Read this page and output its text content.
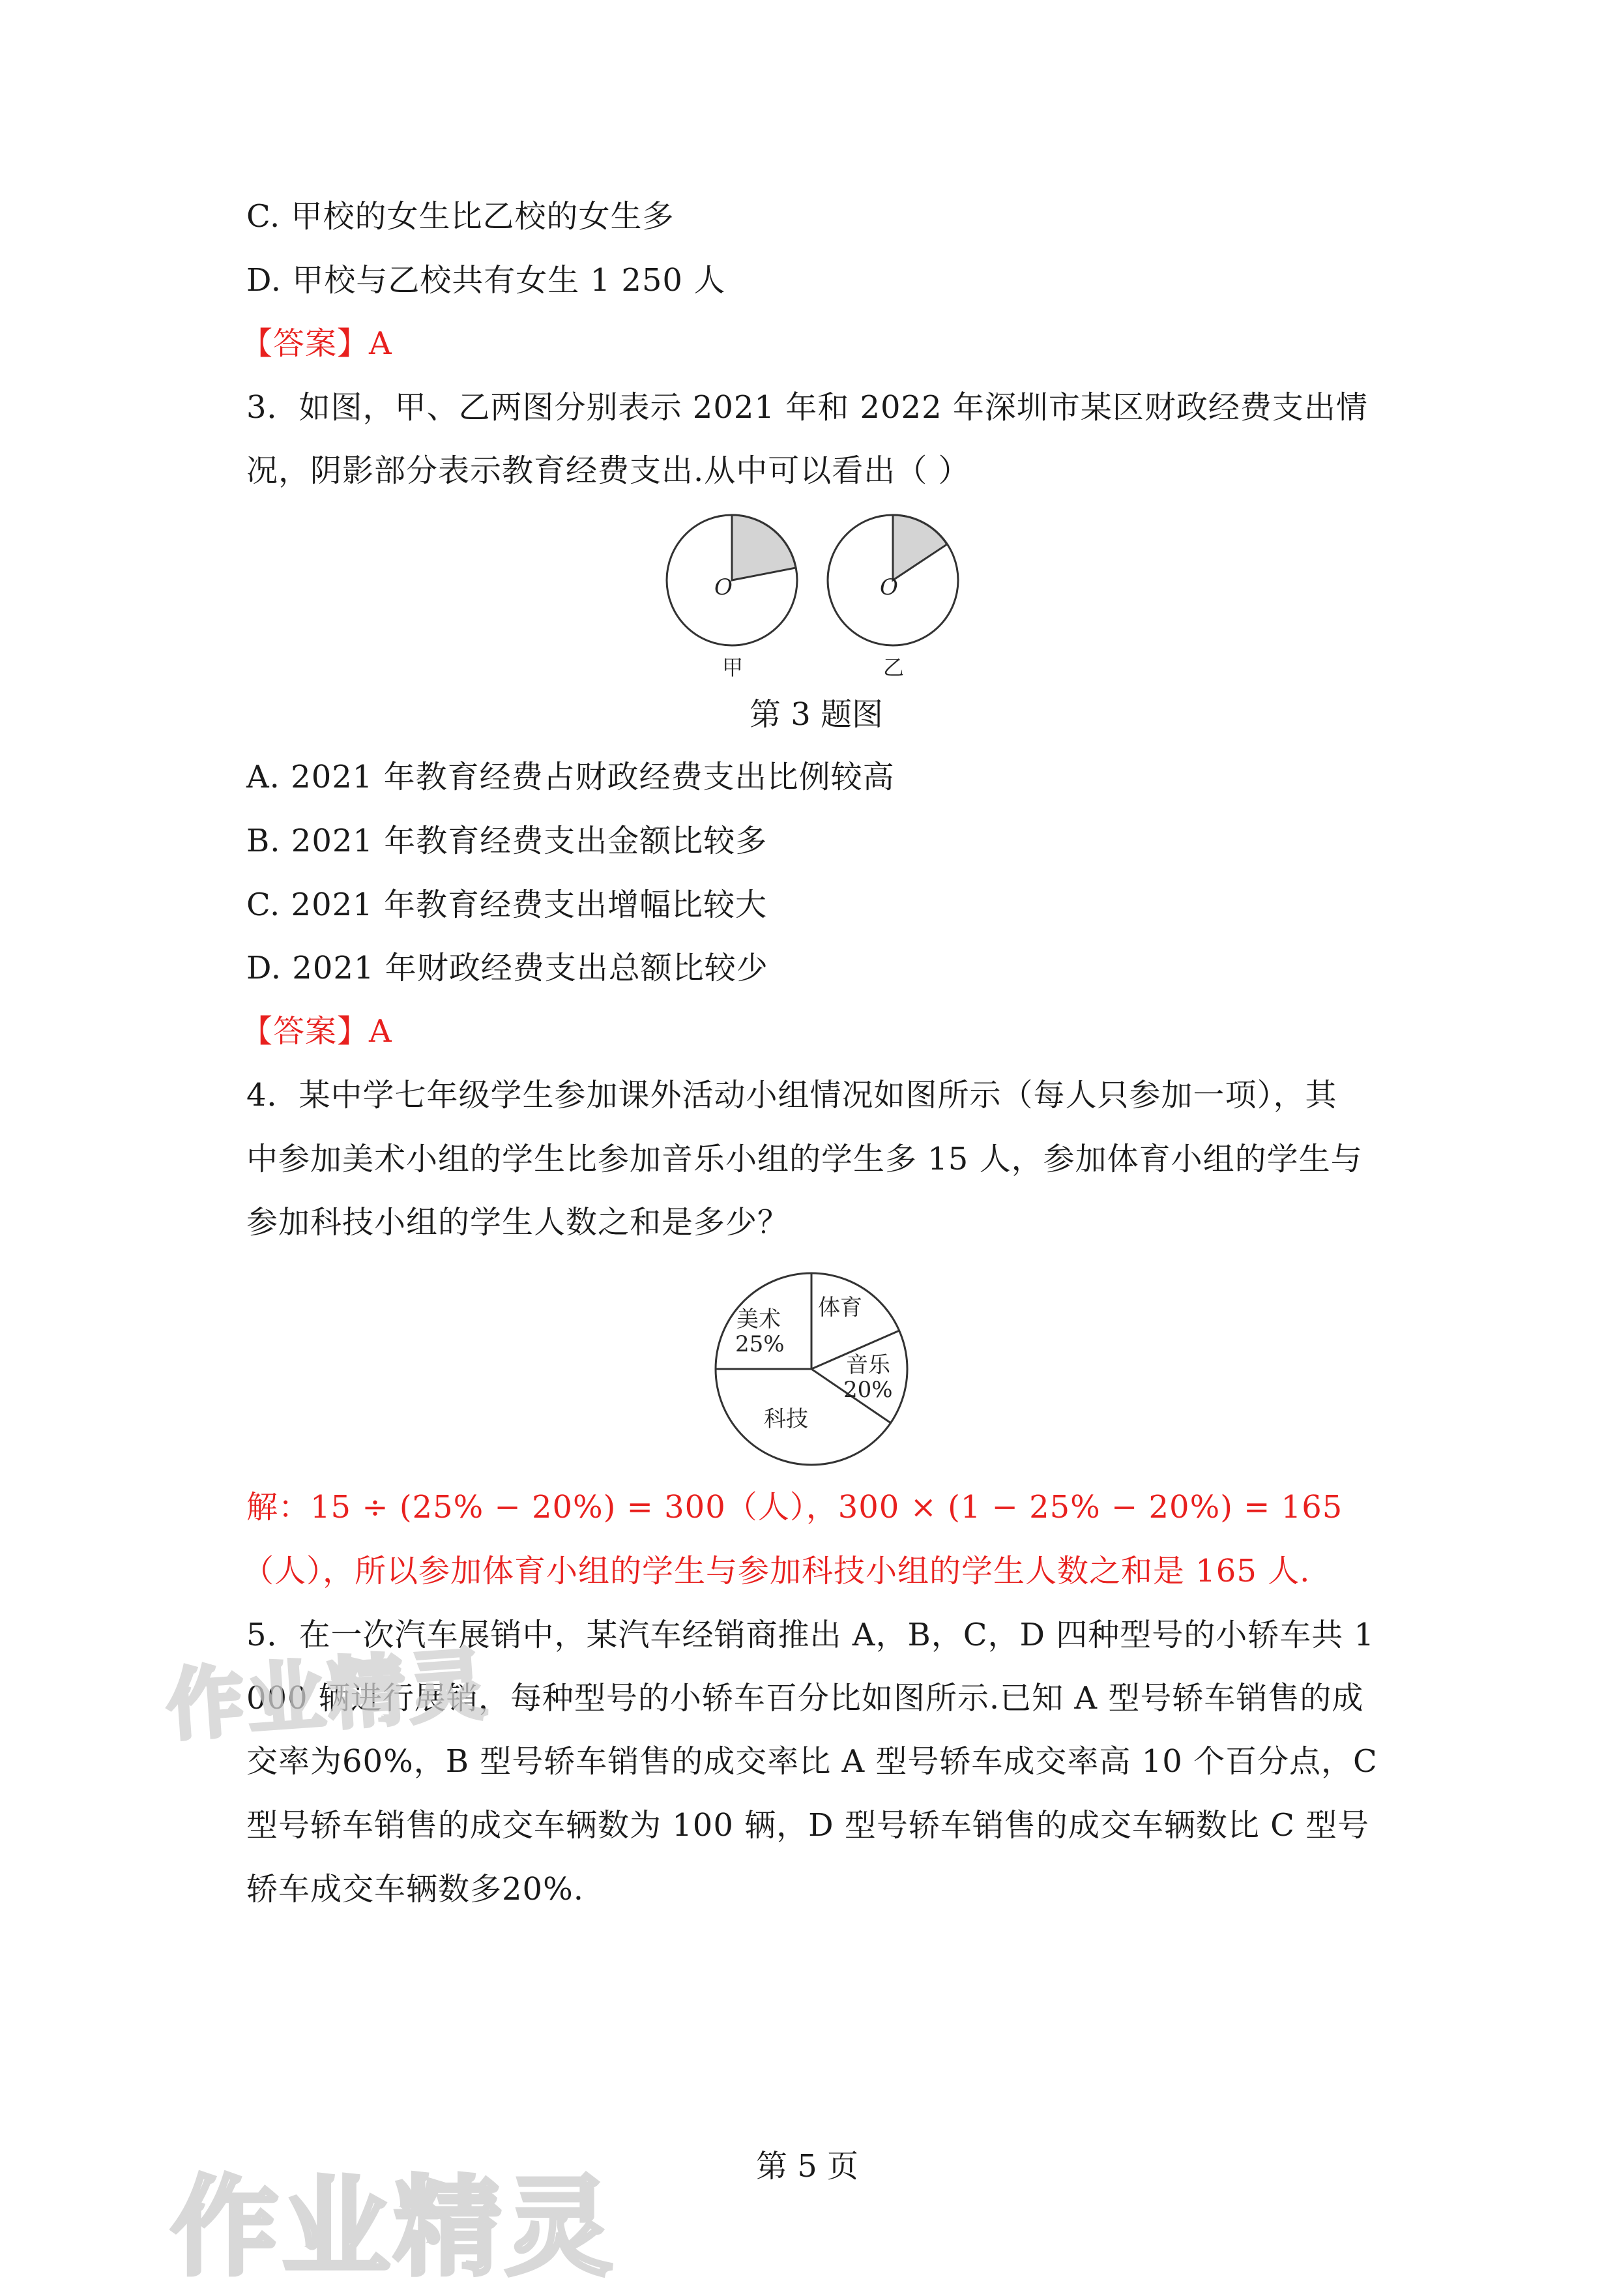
C. 甲校的女生比乙校的女生多
D. 甲校与乙校共有女生 1 250 人
【答案】A
3．如图，甲、乙两图分别表示 2021 年和 2022 年深圳市某区财政经费支出情
况，阴影部分表示教育经费支出.从中可以看出（ ）
O
甲
O
乙
第 3 题图
A. 2021 年教育经费占财政经费支出比例较高
B. 2021 年教育经费支出金额比较多
C. 2021 年教育经费支出增幅比较大
D. 2021 年财政经费支出总额比较少
【答案】A
4．某中学七年级学生参加课外活动小组情况如图所示（每人只参加一项），其
中参加美术小组的学生比参加音乐小组的学生多 15 人，参加体育小组的学生与
参加科技小组的学生人数之和是多少？
美术
25%
体育
音乐
20%
科技
解：15 ÷ (25% − 20%) = 300（人），300 × (1 − 25% − 20%) = 165
（人），所以参加体育小组的学生与参加科技小组的学生人数之和是 165 人.
5．在一次汽车展销中，某汽车经销商推出 A，B，C，D 四种型号的小轿车共 1
000 辆进行展销，每种型号的小轿车百分比如图所示.已知 A 型号轿车销售的成
交率为60%，B 型号轿车销售的成交率比 A 型号轿车成交率高 10 个百分点，C
型号轿车销售的成交车辆数为 100 辆，D 型号轿车销售的成交车辆数比 C 型号
轿车成交车辆数多20%.
第 5 页
作业精灵
作业精灵
